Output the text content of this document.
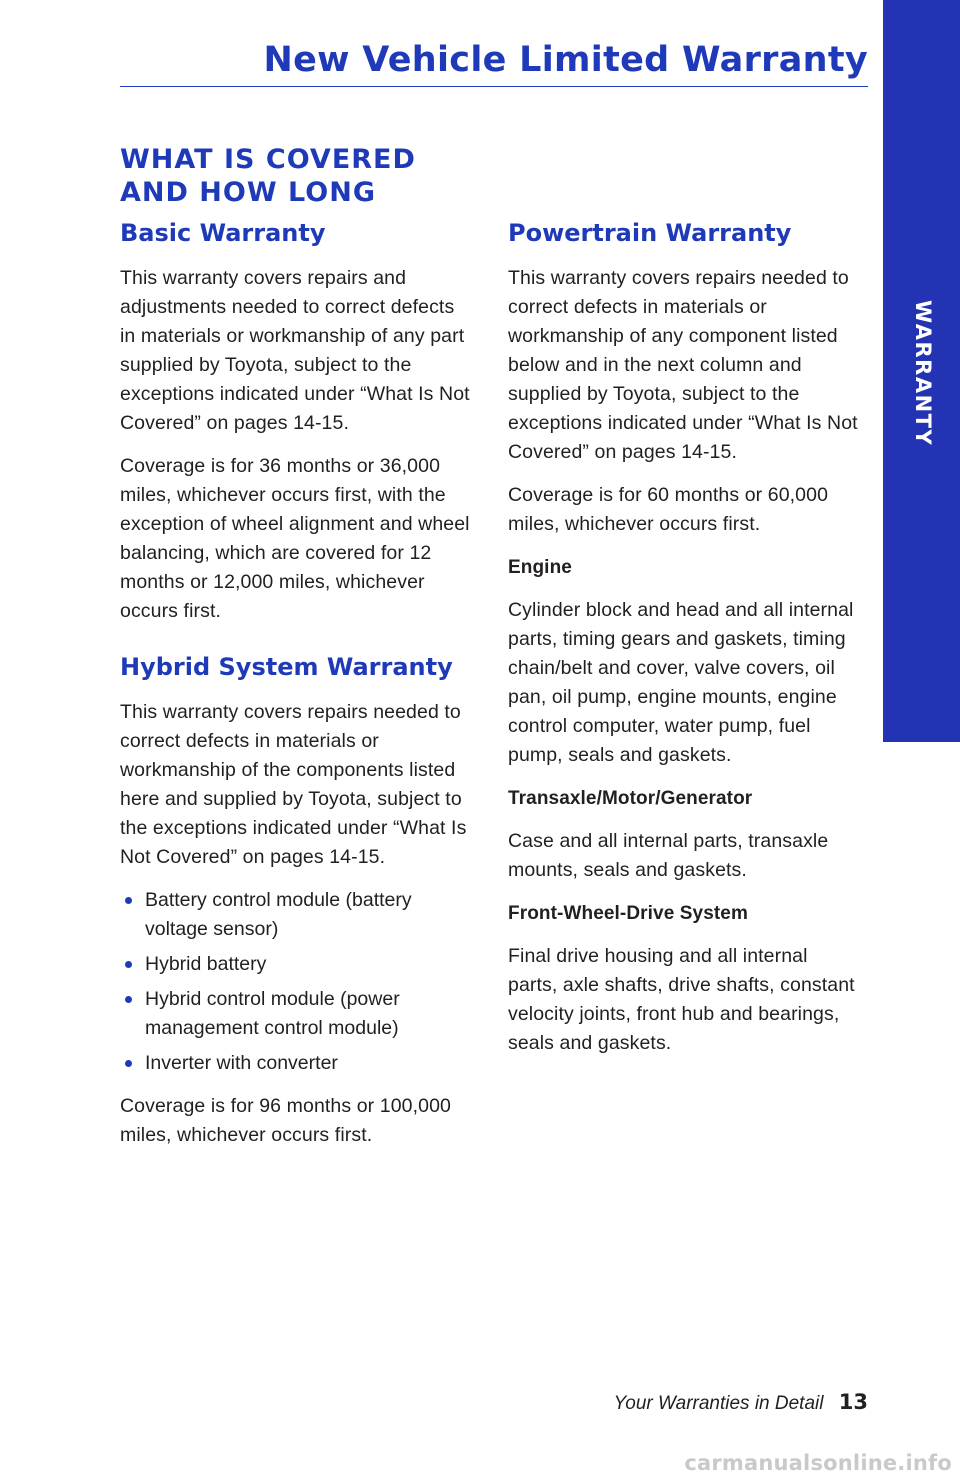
New Vehicle Limited Warranty
WARRANTY
WHAT IS COVERED AND HOW LONG
Basic Warranty

This warranty covers repairs and adjustments needed to correct defects in materials or workmanship of any part supplied by Toyota, subject to the exceptions indicated under “What Is Not Covered” on pages 14-15.

Coverage is for 36 months or 36,000 miles, whichever occurs first, with the exception of wheel alignment and wheel balancing, which are covered for 12 months or 12,000 miles, whichever occurs first.

Hybrid System Warranty

This warranty covers repairs needed to correct defects in materials or workmanship of the components listed here and supplied by Toyota, subject to the exceptions indicated under “What Is Not Covered” on pages 14-15.

Battery control module (battery voltage sensor)
Hybrid battery
Hybrid control module (power management control module)
Inverter with converter

Coverage is for 96 months or 100,000 miles, whichever occurs first.

Powertrain Warranty

This warranty covers repairs needed to correct defects in materials or workmanship of any component listed below and in the next column and supplied by Toyota, subject to the exceptions indicated under “What Is Not Covered” on pages 14-15.

Coverage is for 60 months or 60,000 miles, whichever occurs first.

Engine

Cylinder block and head and all internal parts, timing gears and gaskets, timing chain/belt and cover, valve covers, oil pan, oil pump, engine mounts, engine control computer, water pump, fuel pump, seals and gaskets.

Transaxle/Motor/Generator

Case and all internal parts, transaxle mounts, seals and gaskets.

Front-Wheel-Drive System

Final drive housing and all internal parts, axle shafts, drive shafts, constant velocity joints, front hub and bearings, seals and gaskets.

Your Warranties in Detail 13
carmanualsonline.info
